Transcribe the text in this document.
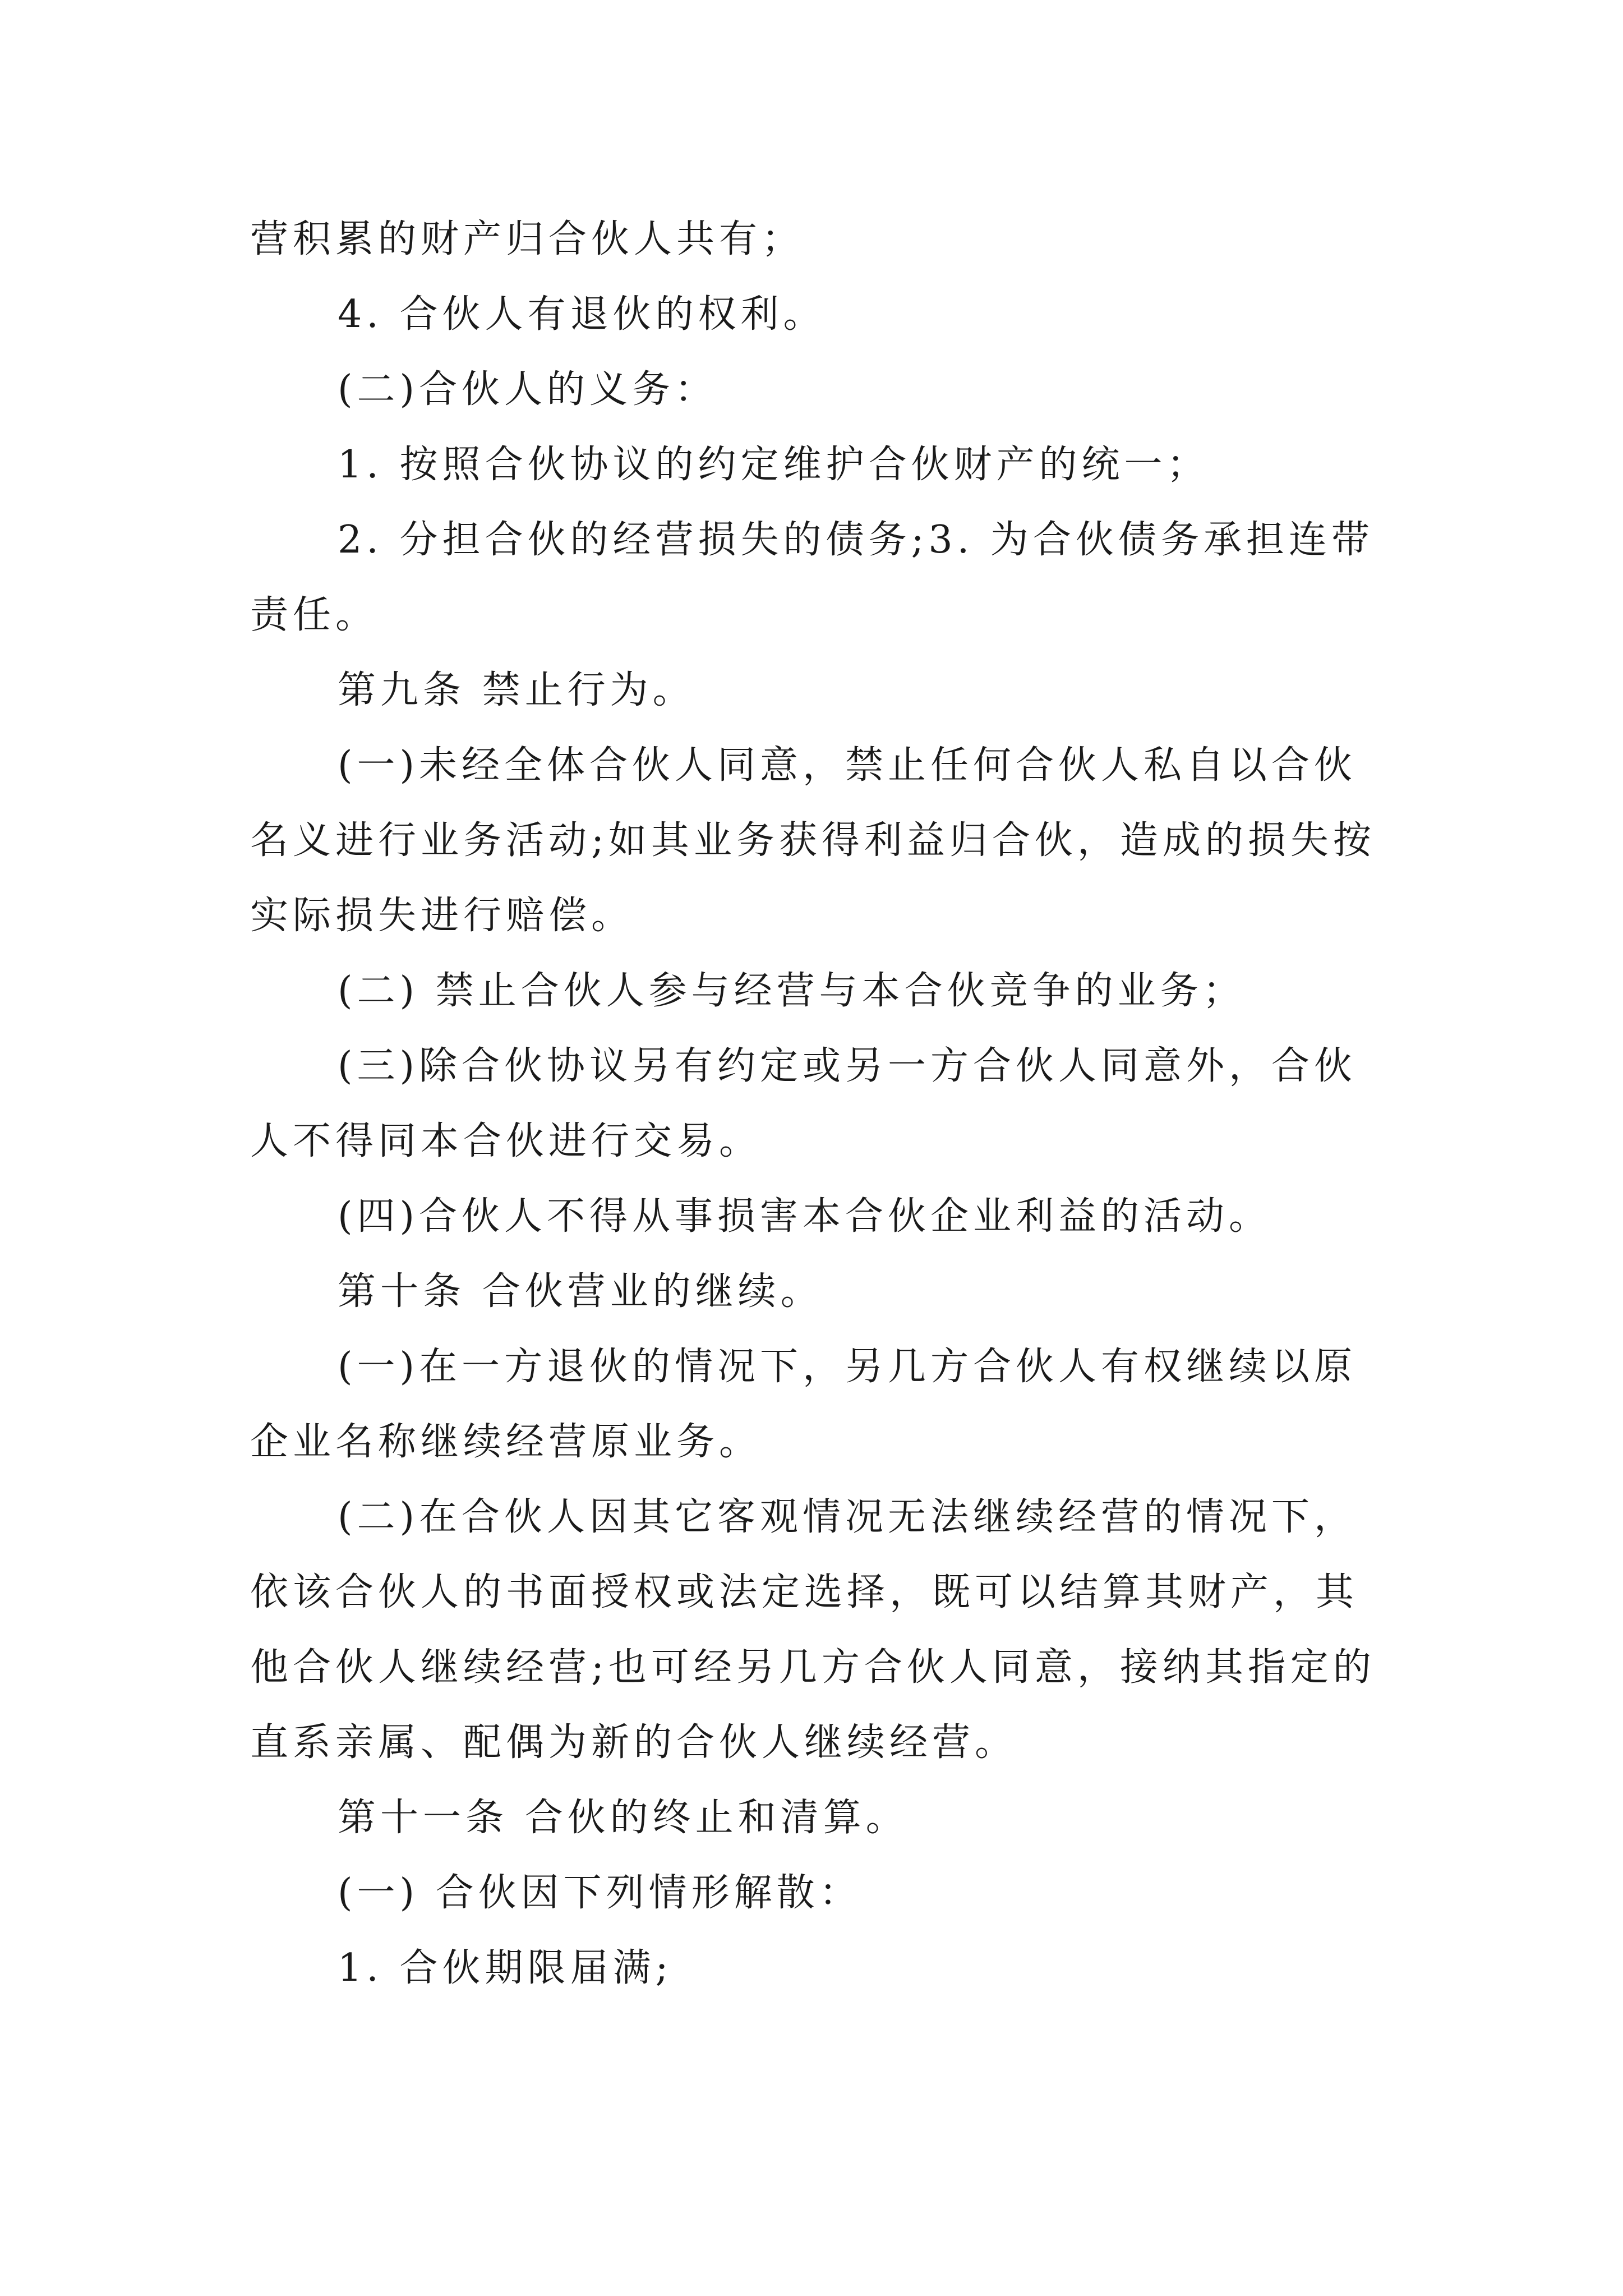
营积累的财产归合伙人共有；

4. 合伙人有退伙的权利。

(二)合伙人的义务：

1. 按照合伙协议的约定维护合伙财产的统一；

2. 分担合伙的经营损失的债务;3. 为合伙债务承担连带责任。

第九条 禁止行为。

(一)未经全体合伙人同意，禁止任何合伙人私自以合伙名义进行业务活动;如其业务获得利益归合伙，造成的损失按实际损失进行赔偿。

(二) 禁止合伙人参与经营与本合伙竞争的业务；

(三)除合伙协议另有约定或另一方合伙人同意外，合伙人不得同本合伙进行交易。

(四)合伙人不得从事损害本合伙企业利益的活动。

第十条 合伙营业的继续。

(一)在一方退伙的情况下，另几方合伙人有权继续以原企业名称继续经营原业务。

(二)在合伙人因其它客观情况无法继续经营的情况下，依该合伙人的书面授权或法定选择，既可以结算其财产，其他合伙人继续经营;也可经另几方合伙人同意，接纳其指定的直系亲属、配偶为新的合伙人继续经营。

第十一条 合伙的终止和清算。

(一) 合伙因下列情形解散：

1. 合伙期限届满;
